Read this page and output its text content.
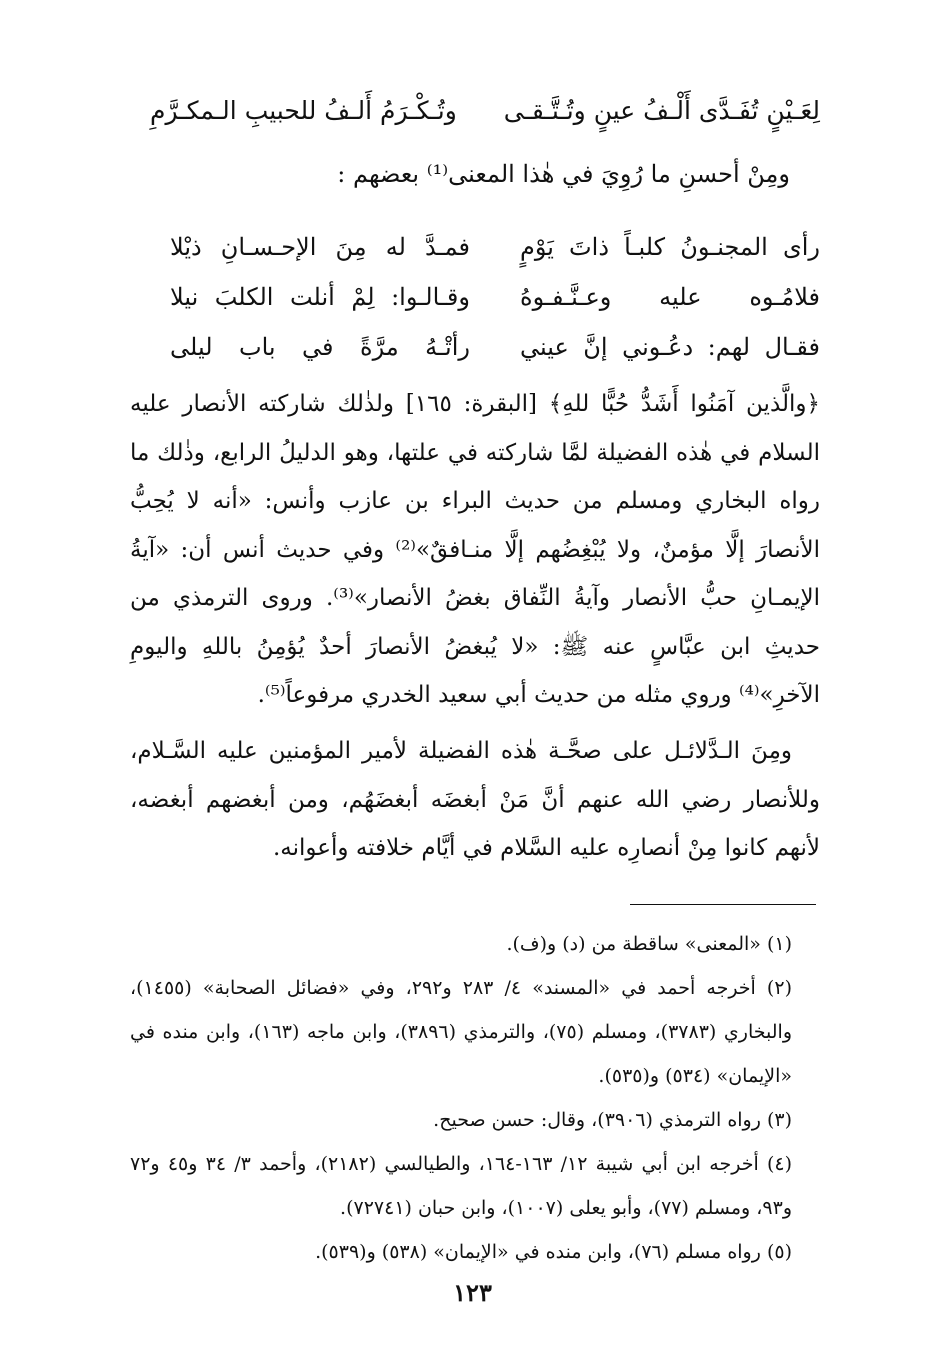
لِعَـيْنٍ تُفَـدَّى أَلْـفُ عينٍ وتُـتَّـقـى
وتُـكْـرَمُ أَلـفُ للحبيبِ الـمكـرَّمِ
ومِنْ أحسنِ ما رُوِيَ في هٰذا المعنى⁽¹⁾ بعضهم :
رأى المجنـونُ كلبـاً ذاتَ يَوْمٍ
فمـدَّ له مِنَ الإحـسـانِ ذيْلا
فلامُـوه عليه وعـنَّـفـوهُ
وقـالـوا: لِمْ أنلت الكلبَ نيلا
فقـال لهم: دعُـوني إنَّ عيني
رأتْـهُ مرَّةً في باب ليلى
﴿والَّذين آمَنُوا أَشَدُّ حُبًّا للهِ﴾ [البقرة: ١٦٥] ولذٰلك شاركته الأنصار عليه السلام في هٰذه الفضيلة لمَّا شاركته في علتها، وهو الدليلُ الرابع، وذٰلك ما رواه البخاري ومسلم من حديث البراء بن عازب وأنس: «أنه لا يُحِبُّ الأنصارَ إلَّا مؤمنٌ، ولا يُبْغِضُهم إلَّا منـافقٌ»⁽²⁾ وفي حديث أنس أن: «آيةُ الإيمـانِ حبُّ الأنصار وآيةُ النِّفاق بغضُ الأنصار»⁽³⁾. وروى الترمذي من حديثِ ابن عبَّاسٍ عنه ﷺ: «لا يُبغضُ الأنصارَ أحدٌ يُؤمِنُ باللهِ واليومِ الآخرِ»⁽⁴⁾ وروي مثله من حديث أبي سعيد الخدري مرفوعاً⁽⁵⁾.
ومِنَ الـدَّلائـل على صحَّـة هٰذه الفضيلة لأمير المؤمنين عليه السَّـلام، وللأنصار رضي الله عنهم أنَّ مَنْ أبغضَه أبغضَهُم، ومن أبغضهم أبغضه، لأنهم كانوا مِنْ أنصارِه عليه السَّلام في أيَّام خلافته وأعوانه.
(١) «المعنى» ساقطة من (د) و(ف).
(٢) أخرجه أحمد في «المسند» ٤/ ٢٨٣ و٢٩٢، وفي «فضائل الصحابة» (١٤٥٥)، والبخاري (٣٧٨٣)، ومسلم (٧٥)، والترمذي (٣٨٩٦)، وابن ماجه (١٦٣)، وابن منده في «الإيمان» (٥٣٤) و(٥٣٥).
(٣) رواه الترمذي (٣٩٠٦)، وقال: حسن صحيح.
(٤) أخرجه ابن أبي شيبة ١٢/ ١٦٣-١٦٤، والطيالسي (٢١٨٢)، وأحمد ٣/ ٣٤ و٤٥ و٧٢ و٩٣، ومسلم (٧٧)، وأبو يعلى (١٠٠٧)، وابن حبان (٧٢٧٤١).
(٥) رواه مسلم (٧٦)، وابن منده في «الإيمان» (٥٣٨) و(٥٣٩).
١٢٣
